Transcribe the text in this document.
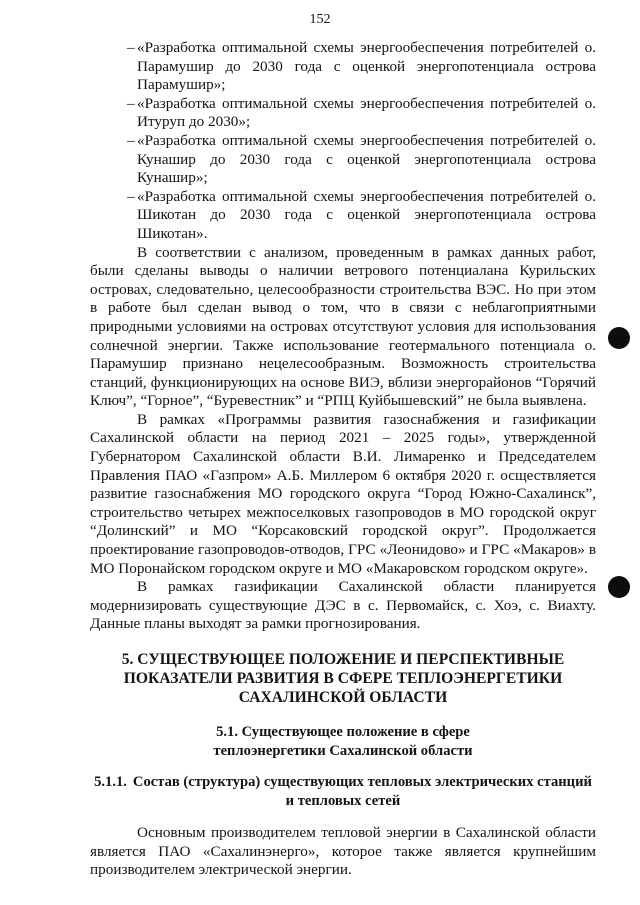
152
– «Разработка оптимальной схемы энергообеспечения потребителей о. Парамушир до 2030 года с оценкой энергопотенциала острова Парамушир»;
– «Разработка оптимальной схемы энергообеспечения потребителей о. Итуруп до 2030»;
– «Разработка оптимальной схемы энергообеспечения потребителей о. Кунашир до 2030 года с оценкой энергопотенциала острова Кунашир»;
– «Разработка оптимальной схемы энергообеспечения потребителей о. Шикотан до 2030 года с оценкой энергопотенциала острова Шикотан».

В соответствии с анализом, проведенным в рамках данных работ, были сделаны выводы о наличии ветрового потенциалана Курильских островах, следовательно, целесообразности строительства ВЭС. Но при этом в работе был сделан вывод о том, что в связи с неблагоприятными природными условиями на островах отсутствуют условия для использования солнечной энергии. Также использование геотермального потенциала о. Парамушир признано нецелесообразным. Возможность строительства станций, функционирующих на основе ВИЭ, вблизи энергорайонов “Горячий Ключ”, “Горное”, “Буревестник” и “РПЦ Куйбышевский” не была выявлена.

В рамках «Программы развития газоснабжения и газификации Сахалинской области на период 2021 – 2025 годы», утвержденной Губернатором Сахалинской области В.И. Лимаренко и Председателем Правления ПАО «Газпром» А.Б. Миллером 6 октября 2020 г. осществляется развитие газоснабжения МО городского округа “Город Южно-Сахалинск”, строительство четырех межпоселковых газопроводов в МО городской округ “Долинский” и МО “Корсаковский городской округ”. Продолжается проектирование газопроводов-отводов, ГРС «Леонидово» и ГРС «Макаров» в МО Поронайском городском округе и МО «Макаровском городском округе».

В рамках газификации Сахалинской области планируется модернизировать существующие ДЭС в с. Первомайск, с. Хоэ, с. Виахту. Данные планы выходят за рамки прогнозирования.

5. СУЩЕСТВУЮЩЕЕ ПОЛОЖЕНИЕ И ПЕРСПЕКТИВНЫЕ ПОКАЗАТЕЛИ РАЗВИТИЯ В СФЕРЕ ТЕПЛОЭНЕРГЕТИКИ САХАЛИНСКОЙ ОБЛАСТИ
5.1. Существующее положение в сфере теплоэнергетики Сахалинской области
5.1.1. Состав (структура) существующих тепловых электрических станций и тепловых сетей

Основным производителем тепловой энергии в Сахалинской области является ПАО «Сахалинэнерго», которое также является крупнейшим производителем электрической энергии.
